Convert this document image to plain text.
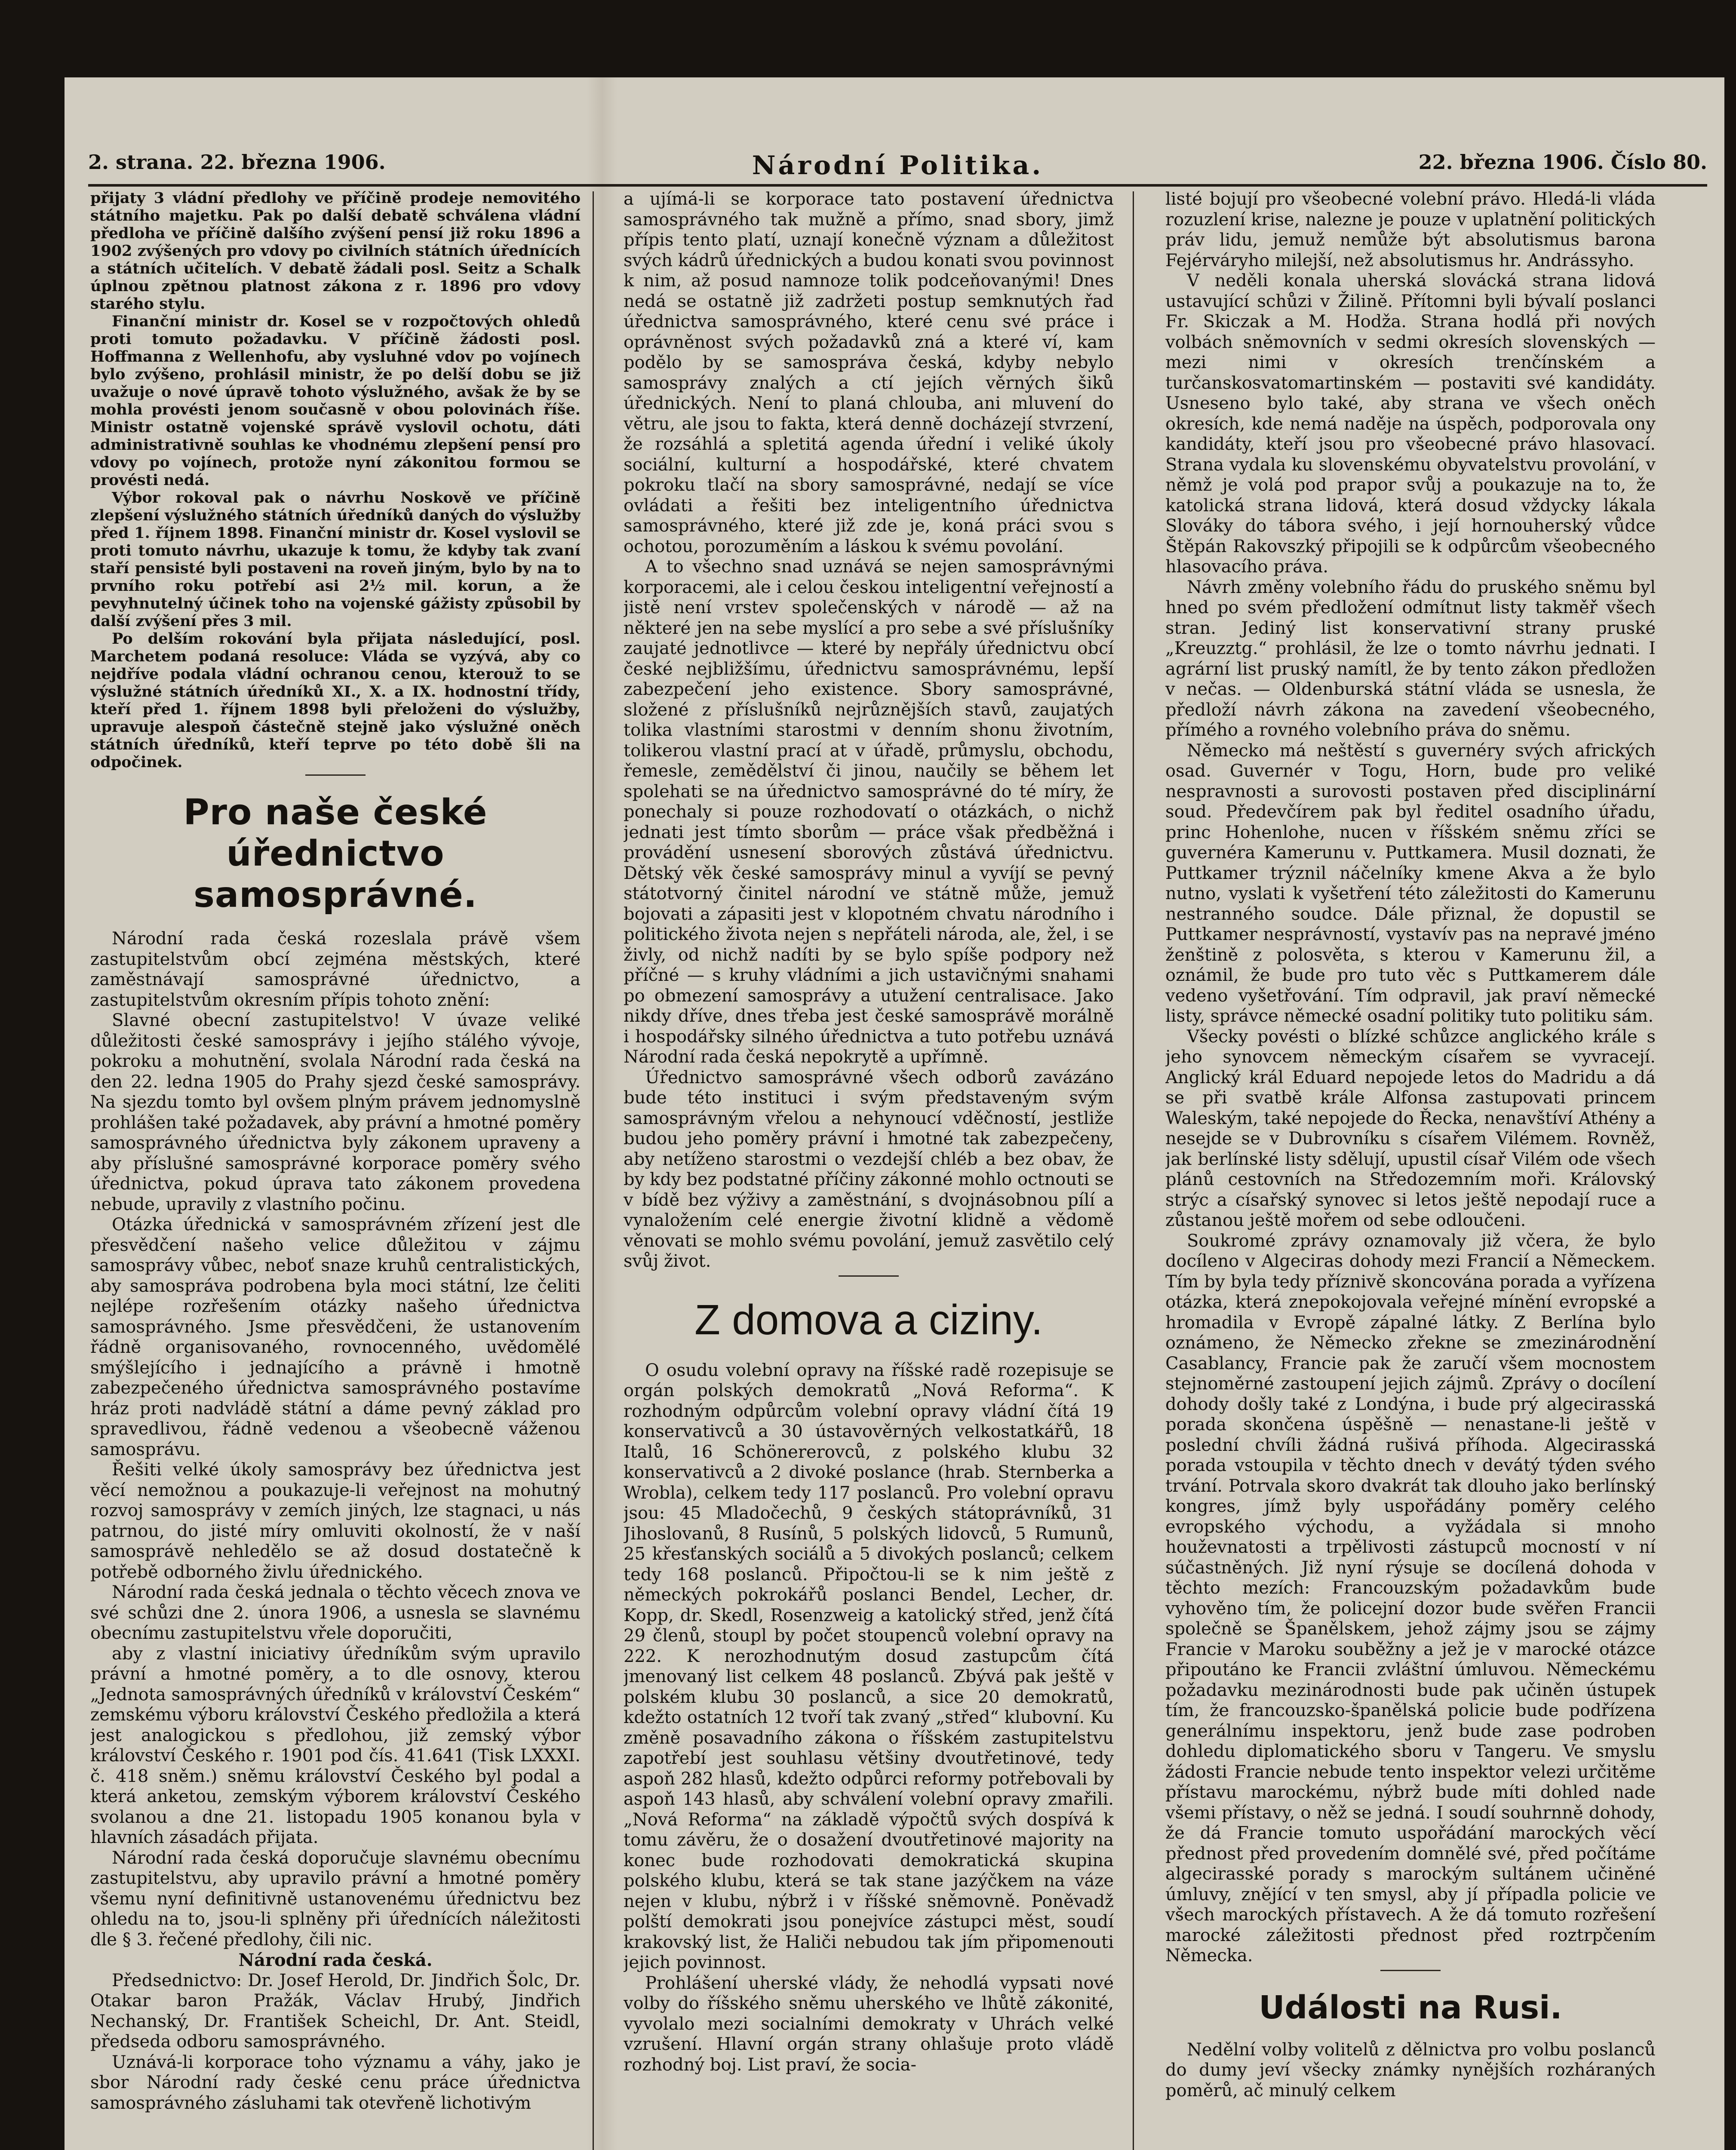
2. strana. 22. března 1906.	Národní Politika.	22. března 1906. Číslo 80.

přijaty 3 vládní předlohy ve příčině prodeje nemovitého státního majetku. Pak po další debatě schválena vládní předloha ve příčině dalšího zvýšení pensí již roku 1896 a 1902 zvýšených pro vdovy po civilních státních úřednících a státních učitelích. V debatě žádali posl. Seitz a Schalk úplnou zpětnou platnost zákona z r. 1896 pro vdovy starého stylu.

Finanční ministr dr. Kosel se v rozpočtových ohledů proti tomuto požadavku. V příčině žádosti posl. Hoffmanna z Wellenhofu, aby vysluhné vdov po vojínech bylo zvýšeno, prohlásil ministr, že po delší dobu se již uvažuje o nové úpravě tohoto výslužného, avšak že by se mohla provésti jenom současně v obou polovinách říše. Ministr ostatně vojenské správě vyslovil ochotu, dáti administrativně souhlas ke vhodnému zlepšení pensí pro vdovy po vojínech, protože nyní zákonitou formou se provésti nedá.

Výbor rokoval pak o návrhu Noskově ve příčině zlepšení výslužného státních úředníků daných do výslužby před 1. říjnem 1898. Finanční ministr dr. Kosel vyslovil se proti tomuto návrhu, ukazuje k tomu, že kdyby tak zvaní staří pensisté byli postaveni na roveň jiným, bylo by na to prvního roku potřebí asi 2½ mil. korun, a že pevyhnutelný účinek toho na vojenské gážisty způsobil by další zvýšení přes 3 mil.

Po delším rokování byla přijata následující, posl. Marchetem podaná resoluce: Vláda se vyzývá, aby co nejdříve podala vládní ochranou cenou, kterouž to se výslužné státních úředníků XI., X. a IX. hodnostní třídy, kteří před 1. říjnem 1898 byli přeloženi do výslužby, upravuje alespoň částečně stejně jako výslužné oněch státních úředníků, kteří teprve po této době šli na odpočinek.

Pro naše české úřednictvo samosprávné.

Národní rada česká rozeslala právě všem zastupitelstvům obcí zejména městských, které zaměstnávají samosprávné úřednictvo, a zastupitelstvům okresním přípis tohoto znění:

Slavné obecní zastupitelstvo! V úvaze veliké důležitosti české samosprávy i jejího stálého vývoje, pokroku a mohutnění, svolala Národní rada česká na den 22. ledna 1905 do Prahy sjezd české samosprávy. Na sjezdu tomto byl ovšem plným právem jednomyslně prohlášen také požadavek, aby právní a hmotné poměry samosprávného úřednictva byly zákonem upraveny a aby příslušné samosprávné korporace poměry svého úřednictva, pokud úprava tato zákonem provedena nebude, upravily z vlastního počinu.

Otázka úřednická v samosprávném zřízení jest dle přesvědčení našeho velice důležitou v zájmu samosprávy vůbec, neboť snaze kruhů centralistických, aby samospráva podrobena byla moci státní, lze čeliti nejlépe rozřešením otázky našeho úřednictva samosprávného. Jsme přesvědčeni, že ustanovením řádně organisovaného, rovnocenného, uvědomělé smýšlejícího i jednajícího a právně i hmotně zabezpečeného úřednictva samosprávného postavíme hráz proti nadvládě státní a dáme pevný základ pro spravedlivou, řádně vedenou a všeobecně váženou samosprávu.

Řešiti velké úkoly samosprávy bez úřednictva jest věcí nemožnou a poukazuje-li veřejnost na mohutný rozvoj samosprávy v zemích jiných, lze stagnaci, u nás patrnou, do jisté míry omluviti okolností, že v naší samosprávě nehledělo se až dosud dostatečně k potřebě odborného živlu úřednického.

Národní rada česká jednala o těchto věcech znova ve své schůzi dne 2. února 1906, a usnesla se slavnému obecnímu zastupitelstvu vřele doporučiti,

aby z vlastní iniciativy úředníkům svým upravilo právní a hmotné poměry, a to dle osnovy, kterou „Jednota samosprávných úředníků v království Českém“ zemskému výboru království Českého předložila a která jest analogickou s předlohou, již zemský výbor království Českého r. 1901 pod čís. 41.641 (Tisk LXXXI. č. 418 sněm.) sněmu království Českého byl podal a která anketou, zemským výborem království Českého svolanou a dne 21. listopadu 1905 konanou byla v hlavních zásadách přijata.

Národní rada česká doporučuje slavnému obecnímu zastupitelstvu, aby upravilo právní a hmotné poměry všemu nyní definitivně ustanovenému úřednictvu bez ohledu na to, jsou-li splněny při úřednících náležitosti dle § 3. řečené předlohy, čili nic.

Národní rada česká.

Předsednictvo: Dr. Josef Herold, Dr. Jindřich Šolc, Dr. Otakar baron Pražák, Václav Hrubý, Jindřich Nechanský, Dr. František Scheichl, Dr. Ant. Steidl, předseda odboru samosprávného.

Uznává-li korporace toho významu a váhy, jako je sbor Národní rady české cenu práce úřednictva samosprávného zásluhami tak otevřeně lichotivým

a ujímá-li se korporace tato postavení úřednictva samosprávného tak mužně a přímo, snad sbory, jimž přípis tento platí, uznají konečně význam a důležitost svých kádrů úřednických a budou konati svou povinnost k nim, až posud namnoze tolik podceňovanými! Dnes nedá se ostatně již zadržeti postup semknutých řad úřednictva samosprávného, které cenu své práce i oprávněnost svých požadavků zná a které ví, kam podělo by se samospráva česká, kdyby nebylo samosprávy znalých a ctí jejích věrných šiků úřednických. Není to planá chlouba, ani mluvení do větru, ale jsou to fakta, která denně docházejí stvrzení, že rozsáhlá a spletitá agenda úřední i veliké úkoly sociální, kulturní a hospodářské, které chvatem pokroku tlačí na sbory samosprávné, nedají se více ovládati a řešiti bez inteligentního úřednictva samosprávného, které již zde je, koná práci svou s ochotou, porozuměním a láskou k svému povolání.

A to všechno snad uznává se nejen samosprávnými korporacemi, ale i celou českou inteligentní veřejností a jistě není vrstev společenských v národě — až na některé jen na sebe myslící a pro sebe a své příslušníky zaujaté jednotlivce — které by nepřály úřednictvu obcí české nejbližšímu, úřednictvu samosprávnému, lepší zabezpečení jeho existence. Sbory samosprávné, složené z příslušníků nejrůznějších stavů, zaujatých tolika vlastními starostmi v denním shonu životním, tolikerou vlastní prací at v úřadě, průmyslu, obchodu, řemesle, zemědělství či jinou, naučily se během let spolehati se na úřednictvo samosprávné do té míry, že ponechaly si pouze rozhodovatí o otázkách, o nichž jednati jest tímto sborům — práce však předběžná i provádění usnesení sborových zůstává úřednictvu. Dětský věk české samosprávy minul a vyvíjí se pevný státotvorný činitel národní ve státně může, jemuž bojovati a zápasiti jest v klopotném chvatu národního i politického života nejen s nepřáteli národa, ale, žel, i se živly, od nichž nadíti by se bylo spíše podpory než příčné — s kruhy vládními a jich ustavičnými snahami po obmezení samosprávy a utužení centralisace. Jako nikdy dříve, dnes třeba jest české samosprávě morálně i hospodářsky silného úřednictva a tuto potřebu uznává Národní rada česká nepokrytě a upřímně.

Úřednictvo samosprávné všech odborů zavázáno bude této instituci i svým představeným svým samosprávným vřelou a nehynoucí vděčností, jestliže budou jeho poměry právní i hmotné tak zabezpečeny, aby netíženo starostmi o vezdejší chléb a bez obav, že by kdy bez podstatné příčiny zákonné mohlo octnouti se v bídě bez výživy a zaměstnání, s dvojnásobnou pílí a vynaložením celé energie životní klidně a vědomě věnovati se mohlo svému povolání, jemuž zasvětilo celý svůj život.

Z domova a ciziny.

O osudu volební opravy na říšské radě rozepisuje se orgán polských demokratů „Nová Reforma“. K rozhodným odpůrcům volební opravy vládní čítá 19 konservativců a 30 ústavověrných velkostatkářů, 18 Italů, 16 Schönererovců, z polského klubu 32 konservativců a 2 divoké poslance (hrab. Sternberka a Wrobla), celkem tedy 117 poslanců. Pro volební opravu jsou: 45 Mladočechů, 9 českých státoprávníků, 31 Jihoslovanů, 8 Rusínů, 5 polských lidovců, 5 Rumunů, 25 křesťanských sociálů a 5 divokých poslanců; celkem tedy 168 poslanců. Připočtou-li se k nim ještě z německých pokrokářů poslanci Bendel, Lecher, dr. Kopp, dr. Skedl, Rosenzweig a katolický střed, jenž čítá 29 členů, stoupl by počet stoupenců volební opravy na 222. K nerozhodnutým dosud zastupcům čítá jmenovaný list celkem 48 poslanců. Zbývá pak ještě v polském klubu 30 poslanců, a sice 20 demokratů, kdežto ostatních 12 tvoří tak zvaný „střed“ klubovní. Ku změně posavadního zákona o říšském zastupitelstvu zapotřebí jest souhlasu většiny dvoutřetinové, tedy aspoň 282 hlasů, kdežto odpůrci reformy potřebovali by aspoň 143 hlasů, aby schválení volební opravy zmařili. „Nová Reforma“ na základě výpočtů svých dospívá k tomu závěru, že o dosažení dvoutřetinové majority na konec bude rozhodovati demokratická skupina polského klubu, která se tak stane jazýčkem na váze nejen v klubu, nýbrž i v říšské sněmovně. Poněvadž polští demokrati jsou ponejvíce zástupci měst, soudí krakovský list, že Haliči nebudou tak jím připomenouti jejich povinnost.

Prohlášení uherské vlády, že nehodlá vypsati nové volby do říšského sněmu uherského ve lhůtě zákonité, vyvolalo mezi socialními demokraty v Uhrách velké vzrušení. Hlavní orgán strany ohlašuje proto vládě rozhodný boj. List praví, že socia-

listé bojují pro všeobecné volební právo. Hledá-li vláda rozuzlení krise, nalezne je pouze v uplatnění politických práv lidu, jemuž nemůže být absolutismus barona Fejérváryho milejší, než absolutismus hr. Andrássyho.

V neděli konala uherská slovácká strana lidová ustavující schůzi v Žilině. Přítomni byli bývalí poslanci Fr. Skiczak a M. Hodža. Strana hodlá při nových volbách sněmovních v sedmi okresích slovenských — mezi nimi v okresích trenčínském a turčanskosvatomartinském — postaviti své kandidáty. Usneseno bylo také, aby strana ve všech oněch okresích, kde nemá naděje na úspěch, podporovala ony kandidáty, kteří jsou pro všeobecné právo hlasovací. Strana vydala ku slovenskému obyvatelstvu provolání, v němž je volá pod prapor svůj a poukazuje na to, že katolická strana lidová, která dosud vždycky lákala Slováky do tábora svého, i její hornouherský vůdce Štěpán Rakovszký připojili se k odpůrcům všeobecného hlasovacího práva.

Návrh změny volebního řádu do pruského sněmu byl hned po svém předložení odmítnut listy takměř všech stran. Jediný list konservativní strany pruské „Kreuzztg.“ prohlásil, že lze o tomto návrhu jednati. I agrární list pruský namítl, že by tento zákon předložen v nečas. — Oldenburská státní vláda se usnesla, že předloží návrh zákona na zavedení všeobecného, přímého a rovného volebního práva do sněmu.

Německo má neštěstí s guvernéry svých afrických osad. Guvernér v Togu, Horn, bude pro veliké nespravnosti a surovosti postaven před disciplinární soud. Předevčírem pak byl ředitel osadního úřadu, princ Hohenlohe, nucen v říšském sněmu zříci se guvernéra Kamerunu v. Puttkamera. Musil doznati, že Puttkamer trýznil náčelníky kmene Akva a že bylo nutno, vyslati k vyšetření této záležitosti do Kamerunu nestranného soudce. Dále přiznal, že dopustil se Puttkamer nesprávností, vystavív pas na nepravé jméno ženštině z polosvěta, s kterou v Kamerunu žil, a oznámil, že bude pro tuto věc s Puttkamerem dále vedeno vyšetřování. Tím odpravil, jak praví německé listy, správce německé osadní politiky tuto politiku sám.

Všecky povésti o blízké schůzce anglického krále s jeho synovcem německým císařem se vyvracejí. Anglický král Eduard nepojede letos do Madridu a dá se při svatbě krále Alfonsa zastupovati princem Waleským, také nepojede do Řecka, nenavštíví Athény a nesejde se v Dubrovníku s císařem Vilémem. Rovněž, jak berlínské listy sdělují, upustil císař Vilém ode všech plánů cestovních na Středozemním moři. Královský strýc a císařský synovec si letos ještě nepodají ruce a zůstanou ještě mořem od sebe odloučeni.

Soukromé zprávy oznamovaly již včera, že bylo docíleno v Algeciras dohody mezi Francií a Německem. Tím by byla tedy příznivě skoncována porada a vyřízena otázka, která znepokojovala veřejné mínění evropské a hromadila v Evropě zápalné látky. Z Berlína bylo oznámeno, že Německo zřekne se zmezinárodnění Casablancy, Francie pak že zaručí všem mocnostem stejnoměrné zastoupení jejich zájmů. Zprávy o docílení dohody došly také z Londýna, i bude prý algecirasská porada skončena úspěšně — nenastane-li ještě v poslední chvíli žádná rušivá příhoda. Algecirasská porada vstoupila v těchto dnech v devátý týden svého trvání. Potrvala skoro dvakrát tak dlouho jako berlínský kongres, jímž byly uspořádány poměry celého evropského východu, a vyžádala si mnoho houževnatosti a trpělivosti zástupců mocností v ní súčastněných. Již nyní rýsuje se docílená dohoda v těchto mezích: Francouzským požadavkům bude vyhověno tím, že policejní dozor bude svěřen Francii společně se Španělskem, jehož zájmy jsou se zájmy Francie v Maroku souběžny a jež je v marocké otázce připoutáno ke Francii zvláštní úmluvou. Německému požadavku mezinárodnosti bude pak učiněn ústupek tím, že francouzsko-španělská policie bude podřízena generálnímu inspektoru, jenž bude zase podroben dohledu diplomatického sboru v Tangeru. Ve smyslu žádosti Francie nebude tento inspektor velezi určitěme přístavu marockému, nýbrž bude míti dohled nade všemi přístavy, o něž se jedná. I soudí souhrnně dohody, že dá Francie tomuto uspořádání marockých věcí přednost před provedením domnělé své, před počítáme algecirasské porady s marockým sultánem učiněné úmluvy, znějící v ten smysl, aby jí případla policie ve všech marockých přístavech. A že dá tomuto rozřešení marocké záležitosti přednost před roztrpčením Německa.

Události na Rusi.

Nedělní volby volitelů z dělnictva pro volbu poslanců do dumy jeví všecky známky nynějších rozháraných poměrů, ač minulý celkem
